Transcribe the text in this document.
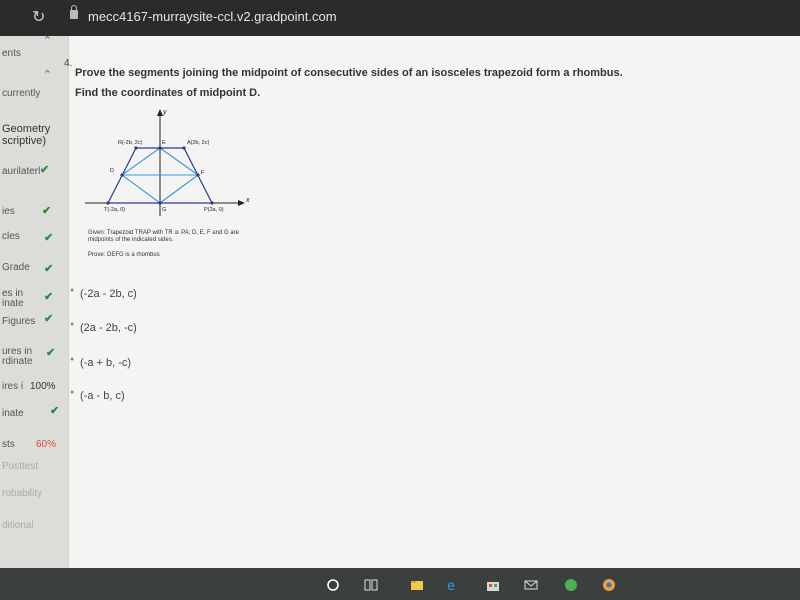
↻	mecc4167-murraysite-ccl.v2.gradpoint.com
ents
⌃
⌃
currently
Geometry
scriptive)
aurilaterl ✔
ies ✔
cles ✔
Grade ✔
es in ✔
inate
Figures ✔
ures in ✔
rdinate
ires i 100%
inate ✔
sts 60%
Posttest
robability
ditional
4.
Prove the segments joining the midpoint of consecutive sides of an isosceles trapezoid form a rhombus.
Find the coordinates of midpoint D.
x
y
R(-2b, 2c)	A(2b, 2c)
E
D	F
G
T(-2a, 0)	P(2a, 0)
Given: Trapezoid TRAP with TR ≅ PA; D, E, F and G are midpoints of the indicated sides.
Prove: DEFG is a rhombus
● (-2a - 2b, c)
● (2a - 2b, -c)
● (-a + b, -c)
● (-a - b, c)
e
